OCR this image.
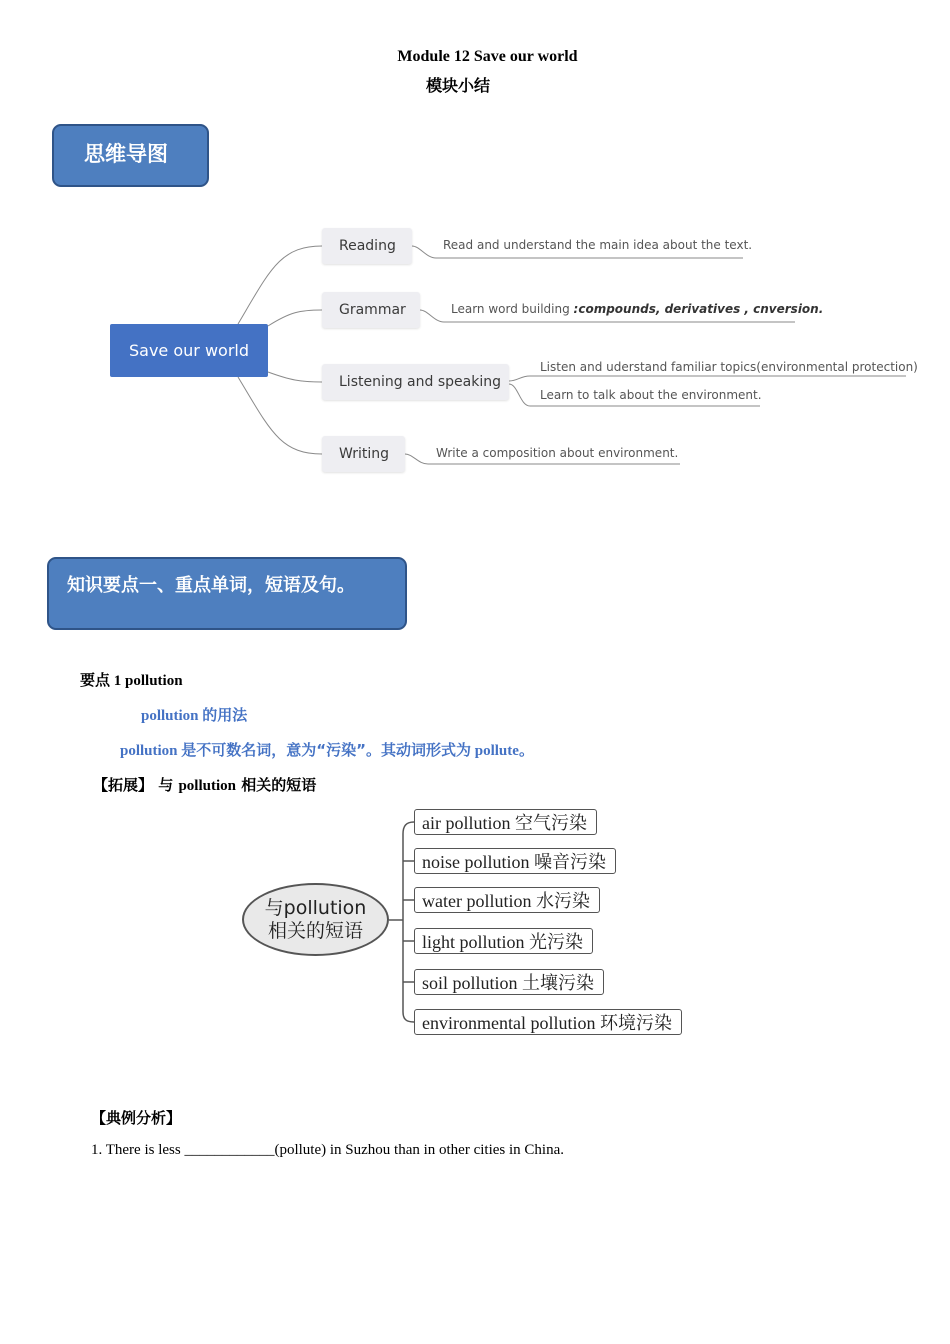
Module 12 Save our world
模块小结
思维导图
Save our world
Reading
Grammar
Listening and speaking
Writing
Read and understand the main idea about the text.
Learn word building :compounds, derivatives , cnversion.
Listen and uderstand familiar topics(environmental protection)
Learn to talk about the environment.
Write a composition about environment.
知识要点一、重点单词，短语及句。
要点 1 pollution
pollution 的用法
pollution 是不可数名词，意为“污染”。其动词形式为 pollute。
【拓展】 与 pollution 相关的短语
与pollution
相关的短语
air pollution 空气污染
noise pollution 噪音污染
water pollution 水污染
light pollution 光污染
soil pollution 土壤污染
environmental pollution 环境污染
【典例分析】
1. There is less ____________(pollute) in Suzhou than in other cities in China.
